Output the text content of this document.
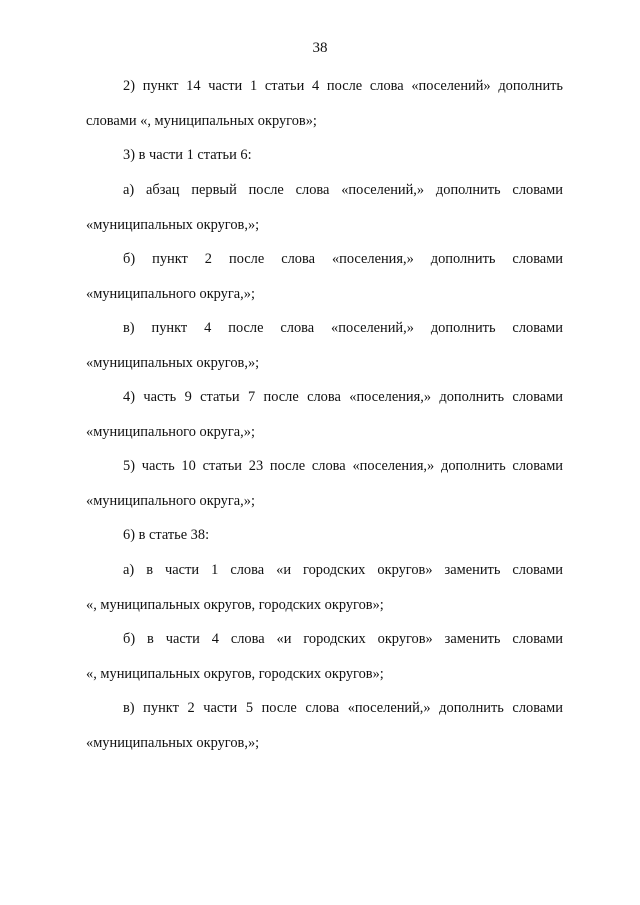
38
2) пункт 14 части 1 статьи 4 после слова «поселений» дополнить
словами «, муниципальных округов»;
3) в части 1 статьи 6:
а) абзац первый после слова «поселений,» дополнить словами
«муниципальных округов,»;
б) пункт 2 после слова «поселения,» дополнить словами
«муниципального округа,»;
в) пункт 4 после слова «поселений,» дополнить словами
«муниципальных округов,»;
4) часть 9 статьи 7 после слова «поселения,» дополнить словами
«муниципального округа,»;
5) часть 10 статьи 23 после слова «поселения,» дополнить словами
«муниципального округа,»;
6) в статье 38:
а) в части 1 слова «и городских округов» заменить словами
«, муниципальных округов, городских округов»;
б) в части 4 слова «и городских округов» заменить словами
«, муниципальных округов, городских округов»;
в) пункт 2 части 5 после слова «поселений,» дополнить словами
«муниципальных округов,»;
